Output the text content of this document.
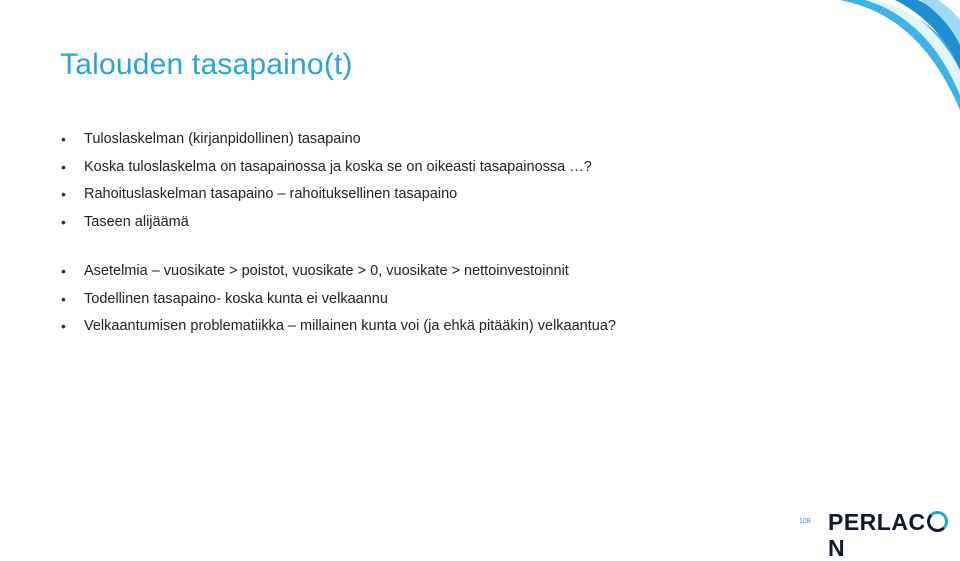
Talouden tasapaino(t)
• Tuloslaskelman (kirjanpidollinen) tasapaino
• Koska tuloslaskelma on tasapainossa ja koska se on oikeasti tasapainossa …?
• Rahoituslaskelman tasapaino – rahoituksellinen tasapaino
• Taseen alijäämä
• Asetelmia – vuosikate > poistot, vuosikate > 0, vuosikate > nettoinvestoinnit
• Todellinen tasapaino- koska kunta ei velkaannu
• Velkaantumisen problematiikka – millainen kunta voi (ja ehkä pitääkin) velkaantua?
108 PERLACN
